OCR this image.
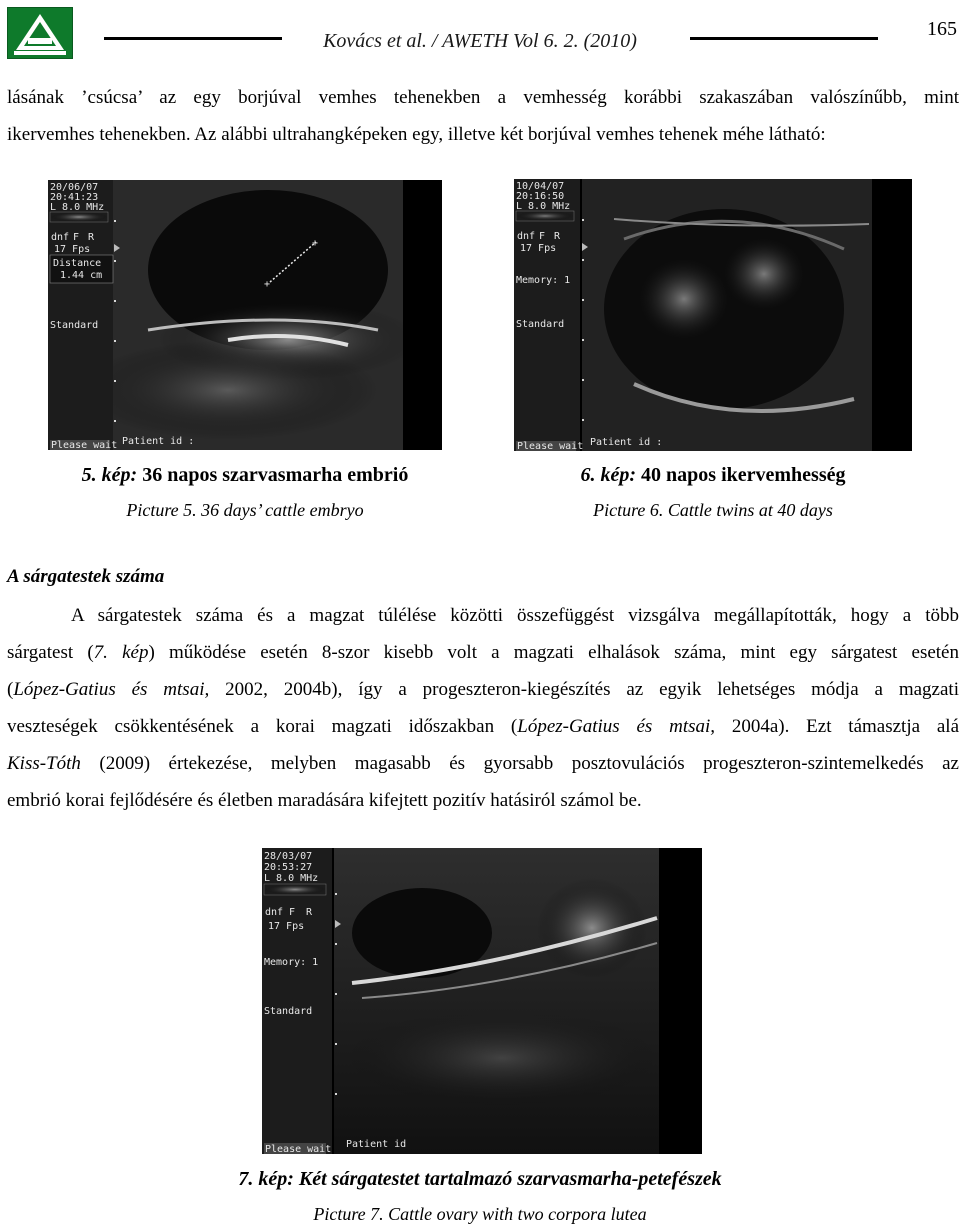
Kovács et al. / AWETH Vol 6. 2. (2010)
165
lásának ’csúcsa’ az egy borjúval vemhes tehenekben a vemhesség korábbi szakaszában valószínűbb, mint
ikervemhes tehenekben. Az alábbi ultrahangképeken egy, illetve két borjúval vemhes tehenek méhe látható:
+
+
20/06/07
20:41:23
L 8.0 MHz
dnf F R
17 Fps
Distance
1.44 cm
Standard
Please wait Patient id :
5. kép: 36 napos szarvasmarha embrió
Picture 5. 36 days’ cattle embryo
10/04/07
20:16:50
L 8.0 MHz
dnf F R
17 Fps
Memory: 1
Standard
Please wait Patient id :
6. kép: 40 napos ikervemhesség
Picture 6. Cattle twins at 40 days
A sárgatestek száma
A sárgatestek száma és a magzat túlélése közötti összefüggést vizsgálva megállapították, hogy a több
sárgatest (7. kép) működése esetén 8-szor kisebb volt a magzati elhalások száma, mint egy sárgatest esetén
(López-Gatius és mtsai, 2002, 2004b), így a progeszteron-kiegészítés az egyik lehetséges módja a magzati
veszteségek csökkentésének a korai magzati időszakban (López-Gatius és mtsai, 2004a). Ezt támasztja alá
Kiss-Tóth (2009) értekezése, melyben magasabb és gyorsabb posztovulációs progeszteron-szintemelkedés az
embrió korai fejlődésére és életben maradására kifejtett pozitív hatásiról számol be.
28/03/07
20:53:27
L 8.0 MHz
dnf F R
17 Fps
Memory: 1
Standard
Please wait Patient id
7. kép: Két sárgatestet tartalmazó szarvasmarha-petefészek
Picture 7. Cattle ovary with two corpora lutea
